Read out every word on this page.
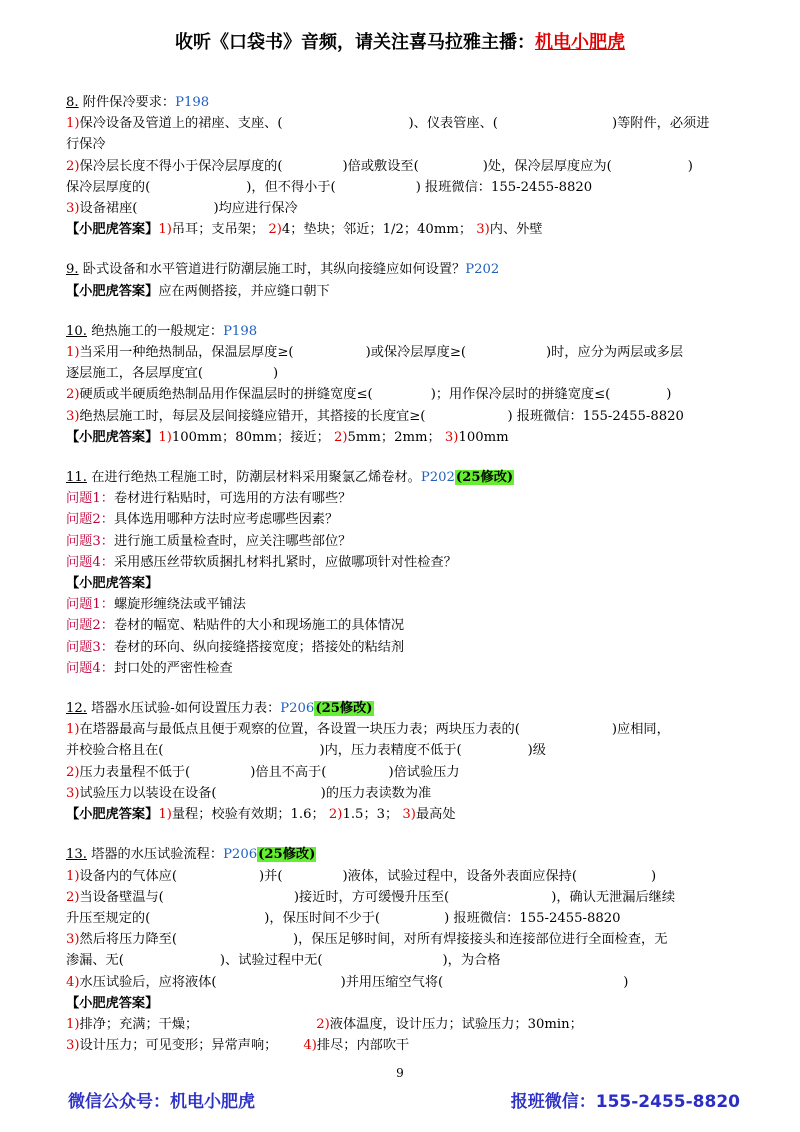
收听《口袋书》音频，请关注喜马拉雅主播：机电小肥虎
8. 附件保冷要求：P198
1)保冷设备及管道上的裙座、支座、(	)、仪表管座、(	)等附件，必须进
行保冷
2)保冷层长度不得小于保冷层厚度的(	)倍或敷设至(	)处，保冷层厚度应为(	)
保冷层厚度的(	)，但不得小于(	) 报班微信：155-2455-8820
3)设备裙座(	)均应进行保冷
【小肥虎答案】1)吊耳；支吊架； 2)4；垫块；邻近；1/2；40mm； 3)内、外壁
9. 卧式设备和水平管道进行防潮层施工时，其纵向接缝应如何设置？P202
【小肥虎答案】应在两侧搭接，并应缝口朝下
10. 绝热施工的一般规定：P198
1)当采用一种绝热制品，保温层厚度≥(	)或保冷层厚度≥(	)时，应分为两层或多层
逐层施工，各层厚度宜(	)
2)硬质或半硬质绝热制品用作保温层时的拼缝宽度≤(	)；用作保冷层时的拼缝宽度≤(	)
3)绝热层施工时，每层及层间接缝应错开，其搭接的长度宜≥(	) 报班微信：155-2455-8820
【小肥虎答案】1)100mm；80mm；接近； 2)5mm；2mm； 3)100mm
11. 在进行绝热工程施工时，防潮层材料采用聚氯乙烯卷材。P202(25修改)
问题1：卷材进行粘贴时，可选用的方法有哪些？
问题2：具体选用哪种方法时应考虑哪些因素？
问题3：进行施工质量检查时，应关注哪些部位？
问题4：采用感压丝带软质捆扎材料扎紧时，应做哪项针对性检查？
【小肥虎答案】
问题1：螺旋形缠绕法或平铺法
问题2：卷材的幅宽、粘贴件的大小和现场施工的具体情况
问题3：卷材的环向、纵向接缝搭接宽度；搭接处的粘结剂
问题4：封口处的严密性检查
12. 塔器水压试验-如何设置压力表：P206(25修改)
1)在塔器最高与最低点且便于观察的位置，各设置一块压力表；两块压力表的(	)应相同，
并校验合格且在(	)内，压力表精度不低于(	)级
2)压力表量程不低于(	)倍且不高于(	)倍试验压力
3)试验压力以装设在设备(	)的压力表读数为准
【小肥虎答案】1)量程；校验有效期；1.6； 2)1.5；3； 3)最高处
13. 塔器的水压试验流程：P206(25修改)
1)设备内的气体应(	)并(	)液体，试验过程中，设备外表面应保持(	)
2)当设备壁温与(	)接近时，方可缓慢升压至(	)，确认无泄漏后继续
升压至规定的(	)，保压时间不少于(	) 报班微信：155-2455-8820
3)然后将压力降至(	)，保压足够时间，对所有焊接接头和连接部位进行全面检查，无
渗漏、无(	)、试验过程中无(	)，为合格
4)水压试验后，应将液体(	)并用压缩空气将(	)
【小肥虎答案】
1)排净；充满；干燥；	2)液体温度，设计压力；试验压力；30min；
3)设计压力；可见变形；异常声响； 4)排尽；内部吹干
9
微信公众号：机电小肥虎	报班微信：155-2455-8820
